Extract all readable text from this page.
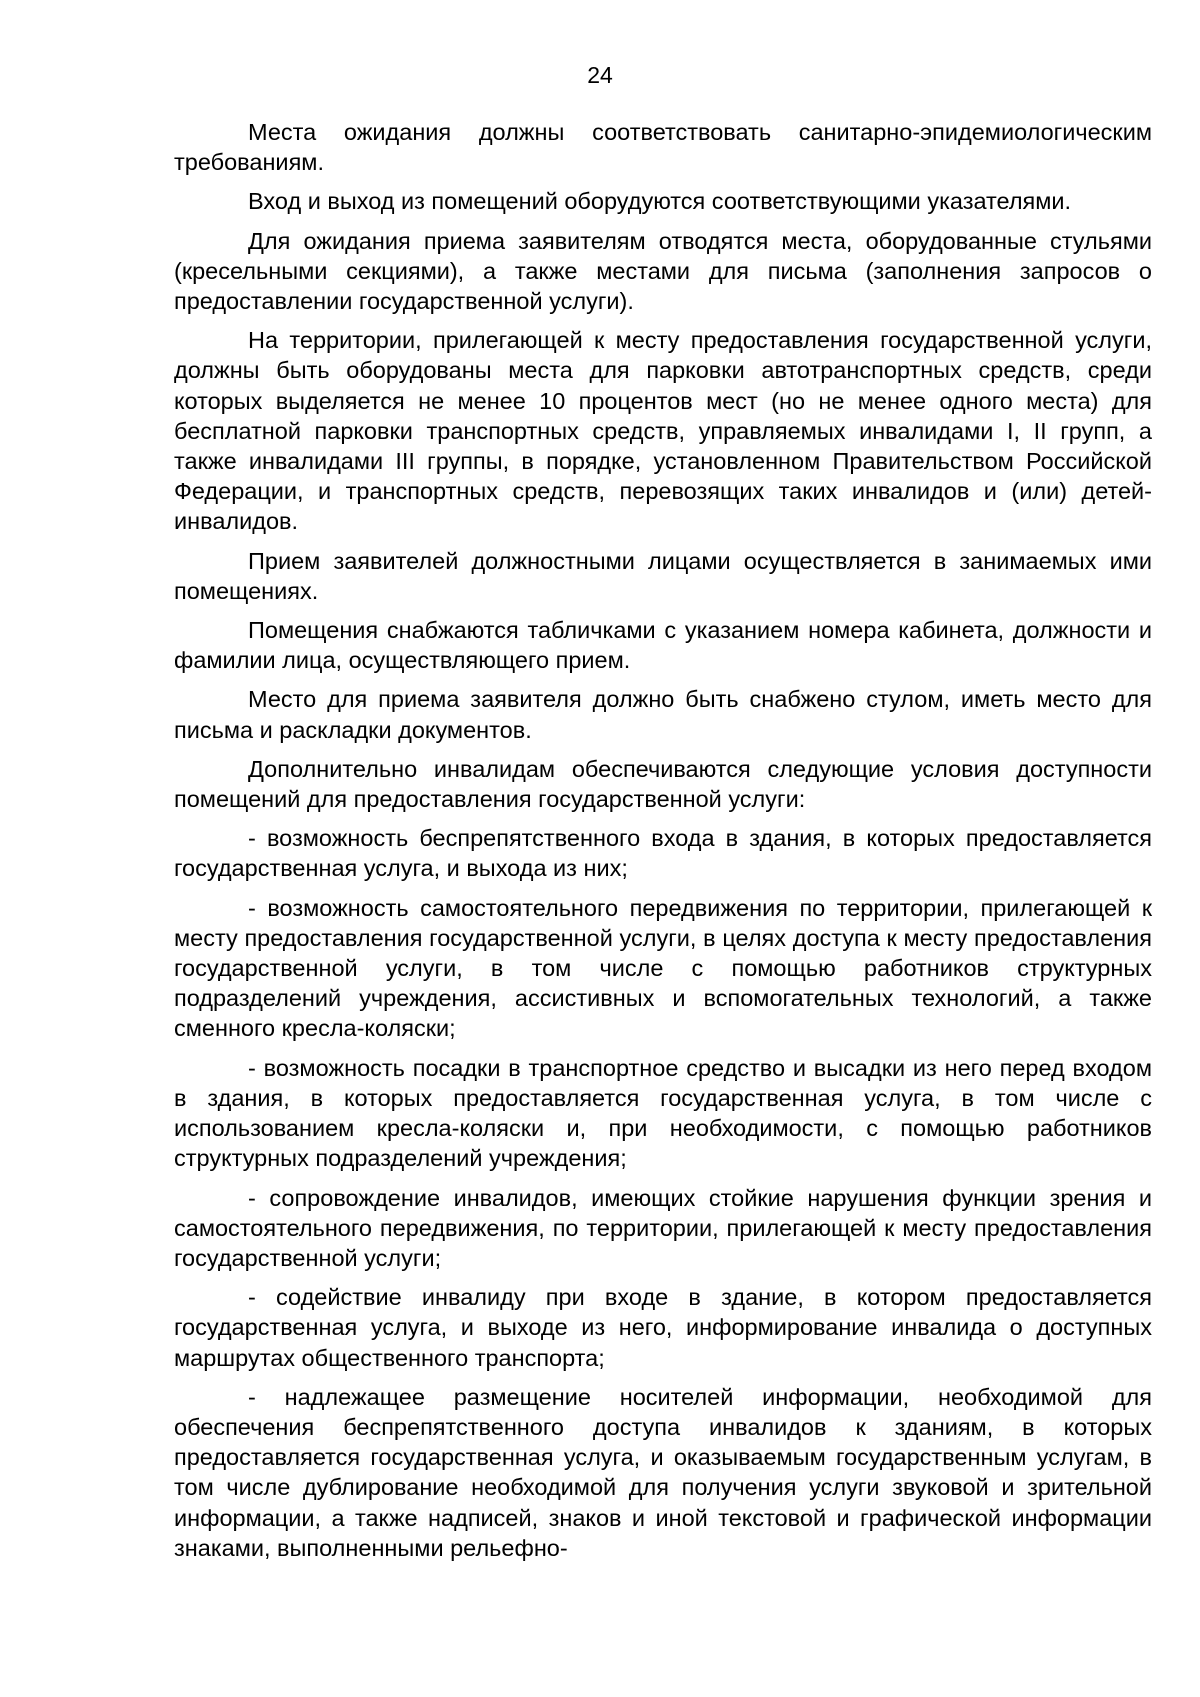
24

Места ожидания должны соответствовать санитарно-эпидемиологическим требованиям.

Вход и выход из помещений оборудуются соответствующими указателями.

Для ожидания приема заявителям отводятся места, оборудованные стульями (кресельными секциями), а также местами для письма (заполнения запросов о предоставлении государственной услуги).

На территории, прилегающей к месту предоставления государственной услуги, должны быть оборудованы места для парковки автотранспортных средств, среди которых выделяется не менее 10 процентов мест (но не менее одного места) для бесплатной парковки транспортных средств, управляемых инвалидами I, II групп, а также инвалидами III группы, в порядке, установленном Правительством Российской Федерации, и транспортных средств, перевозящих таких инвалидов и (или) детей-инвалидов.

Прием заявителей должностными лицами осуществляется в занимаемых ими помещениях.

Помещения снабжаются табличками с указанием номера кабинета, должности и фамилии лица, осуществляющего прием.

Место для приема заявителя должно быть снабжено стулом, иметь место для письма и раскладки документов.

Дополнительно инвалидам обеспечиваются следующие условия доступности помещений для предоставления государственной услуги:

- возможность беспрепятственного входа в здания, в которых предоставляется государственная услуга, и выхода из них;

- возможность самостоятельного передвижения по территории, прилегающей к месту предоставления государственной услуги, в целях доступа к месту предоставления государственной услуги, в том числе с помощью работников структурных подразделений учреждения, ассистивных и вспомогательных технологий, а также сменного кресла-коляски;

- возможность посадки в транспортное средство и высадки из него перед входом в здания, в которых предоставляется государственная услуга, в том числе с использованием кресла-коляски и, при необходимости, с помощью работников структурных подразделений учреждения;

- сопровождение инвалидов, имеющих стойкие нарушения функции зрения и самостоятельного передвижения, по территории, прилегающей к месту предоставления государственной услуги;

- содействие инвалиду при входе в здание, в котором предоставляется государственная услуга, и выходе из него, информирование инвалида о доступных маршрутах общественного транспорта;

- надлежащее размещение носителей информации, необходимой для обеспечения беспрепятственного доступа инвалидов к зданиям, в которых предоставляется государственная услуга, и оказываемым государственным услугам, в том числе дублирование необходимой для получения услуги звуковой и зрительной информации, а также надписей, знаков и иной текстовой и графической информации знаками, выполненными рельефно-
